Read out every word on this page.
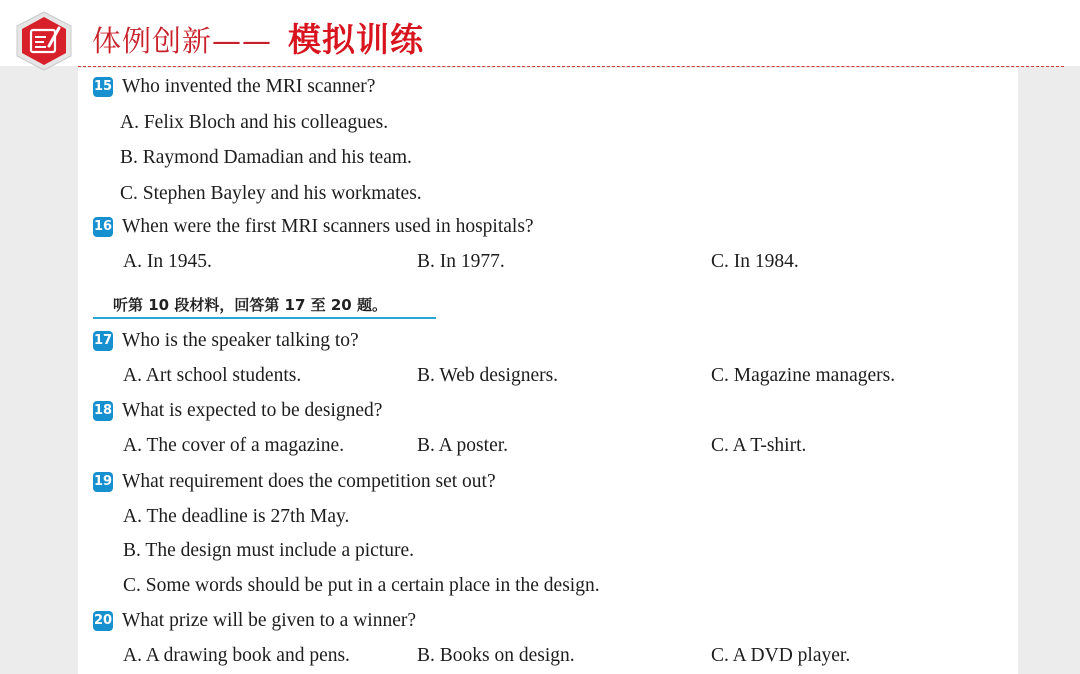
体例创新—— 模拟训练
15 Who invented the MRI scanner?
A. Felix Bloch and his colleagues.
B. Raymond Damadian and his team.
C. Stephen Bayley and his workmates.
16 When were the first MRI scanners used in hospitals?
A. In 1945.	B. In 1977.	C. In 1984.
听第 10 段材料，回答第 17 至 20 题。
17 Who is the speaker talking to?
A. Art school students.	B. Web designers.	C. Magazine managers.
18 What is expected to be designed?
A. The cover of a magazine.	B. A poster.	C. A T-shirt.
19 What requirement does the competition set out?
A. The deadline is 27th May.
B. The design must include a picture.
C. Some words should be put in a certain place in the design.
20 What prize will be given to a winner?
A. A drawing book and pens.	B. Books on design.	C. A DVD player.
